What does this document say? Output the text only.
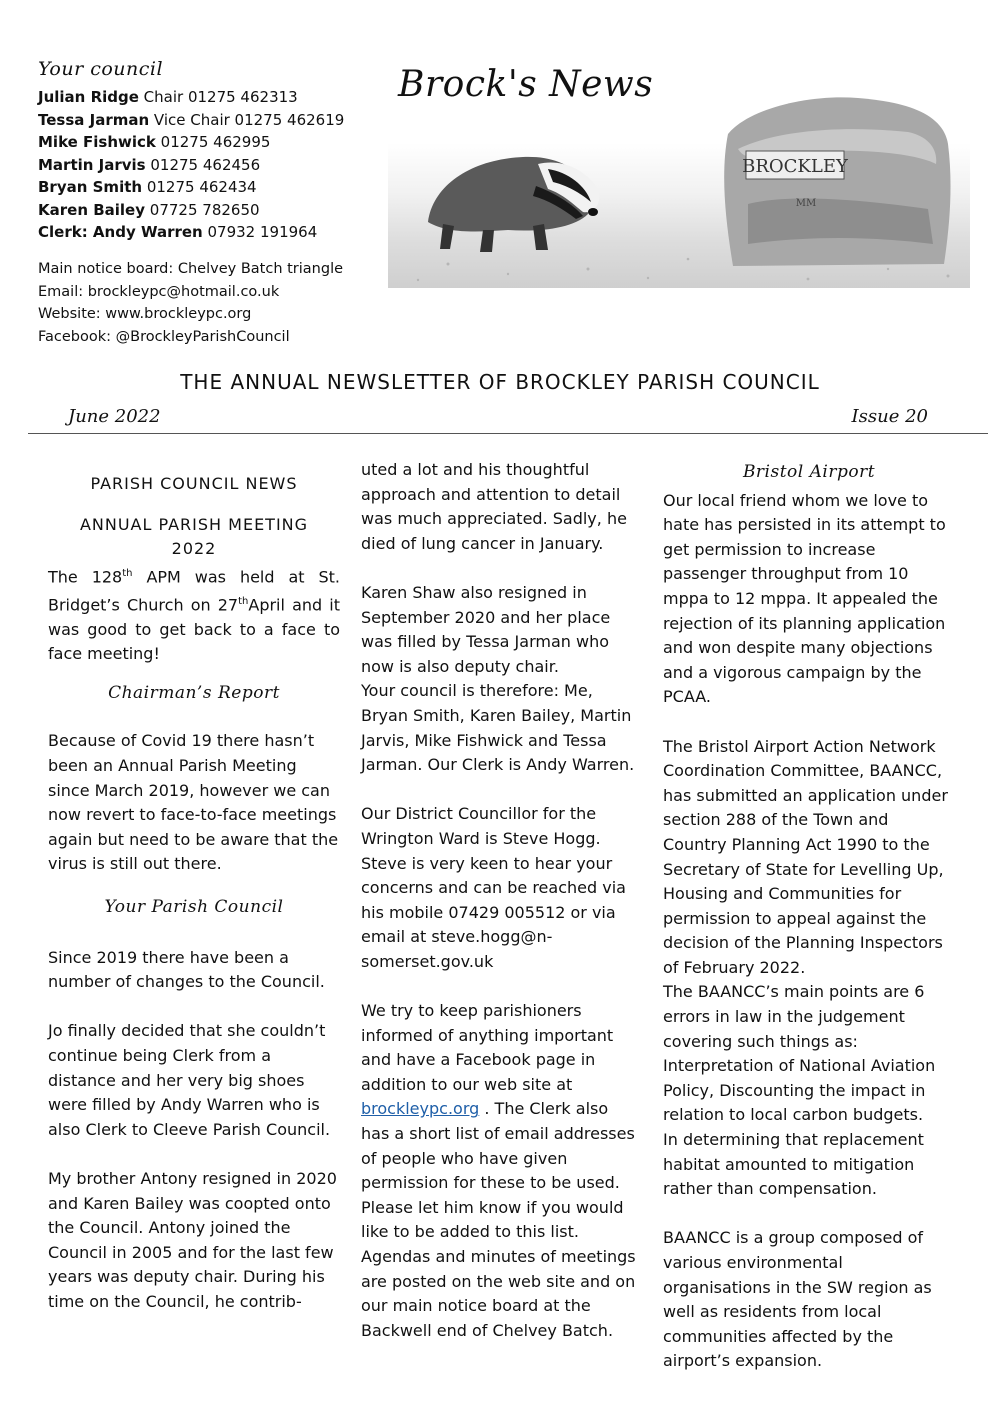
Your council
Julian Ridge Chair 01275 462313
Tessa Jarman Vice Chair 01275 462619
Mike Fishwick 01275 462995
Martin Jarvis 01275 462456
Bryan Smith 01275 462434
Karen Bailey 07725 782650
Clerk: Andy Warren 07932 191964
Main notice board: Chelvey Batch triangle
Email: brockleypc@hotmail.co.uk
Website: www.brockleypc.org
Facebook: @BrockleyParishCouncil
Brock's News
BROCKLEY
MM
THE ANNUAL NEWSLETTER OF BROCKLEY PARISH COUNCIL
June 2022	Issue 20

PARISH COUNCIL NEWS

ANNUAL PARISH MEETING

2022

The 128th APM was held at St. Bridget’s Church on 27thApril and it was good to get back to a face to face meeting!

Chairman’s Report

Because of Covid 19 there hasn’t been an Annual Parish Meeting since March 2019, however we can now revert to face-to-face meetings again but need to be aware that the virus is still out there.

Your Parish Council

Since 2019 there have been a number of changes to the Council.

Jo finally decided that she couldn’t continue being Clerk from a distance and her very big shoes were filled by Andy Warren who is also Clerk to Cleeve Parish Council.

My brother Antony resigned in 2020 and Karen Bailey was coopted onto the Council. Antony joined the Council in 2005 and for the last few years was deputy chair. During his time on the Council, he contrib-

uted a lot and his thoughtful approach and attention to detail was much appreciated. Sadly, he died of lung cancer in January.

Karen Shaw also resigned in September 2020 and her place was filled by Tessa Jarman who now is also deputy chair.

Your council is therefore: Me, Bryan Smith, Karen Bailey, Martin Jarvis, Mike Fishwick and Tessa Jarman. Our Clerk is Andy Warren.

Our District Councillor for the Wrington Ward is Steve Hogg. Steve is very keen to hear your concerns and can be reached via his mobile 07429 005512 or via email at steve.hogg@n-somerset.gov.uk

We try to keep parishioners informed of anything important and have a Facebook page in addition to our web site at brockleypc.org . The Clerk also has a short list of email addresses of people who have given permission for these to be used. Please let him know if you would like to be added to this list. Agendas and minutes of meetings are posted on the web site and on our main notice board at the Backwell end of Chelvey Batch.

Bristol Airport

Our local friend whom we love to hate has persisted in its attempt to get permission to increase passenger throughput from 10 mppa to 12 mppa. It appealed the rejection of its planning application and won despite many objections and a vigorous campaign by the PCAA.

The Bristol Airport Action Network Coordination Committee, BAANCC, has submitted an application under section 288 of the Town and Country Planning Act 1990 to the Secretary of State for Levelling Up, Housing and Communities for permission to appeal against the decision of the Planning Inspectors of February 2022.

The BAANCC’s main points are 6 errors in law in the judgement covering such things as:

Interpretation of National Aviation Policy, Discounting the impact in relation to local carbon budgets.

In determining that replacement habitat amounted to mitigation rather than compensation.

BAANCC is a group composed of various environmental organisations in the SW region as well as residents from local communities affected by the airport’s expansion.
